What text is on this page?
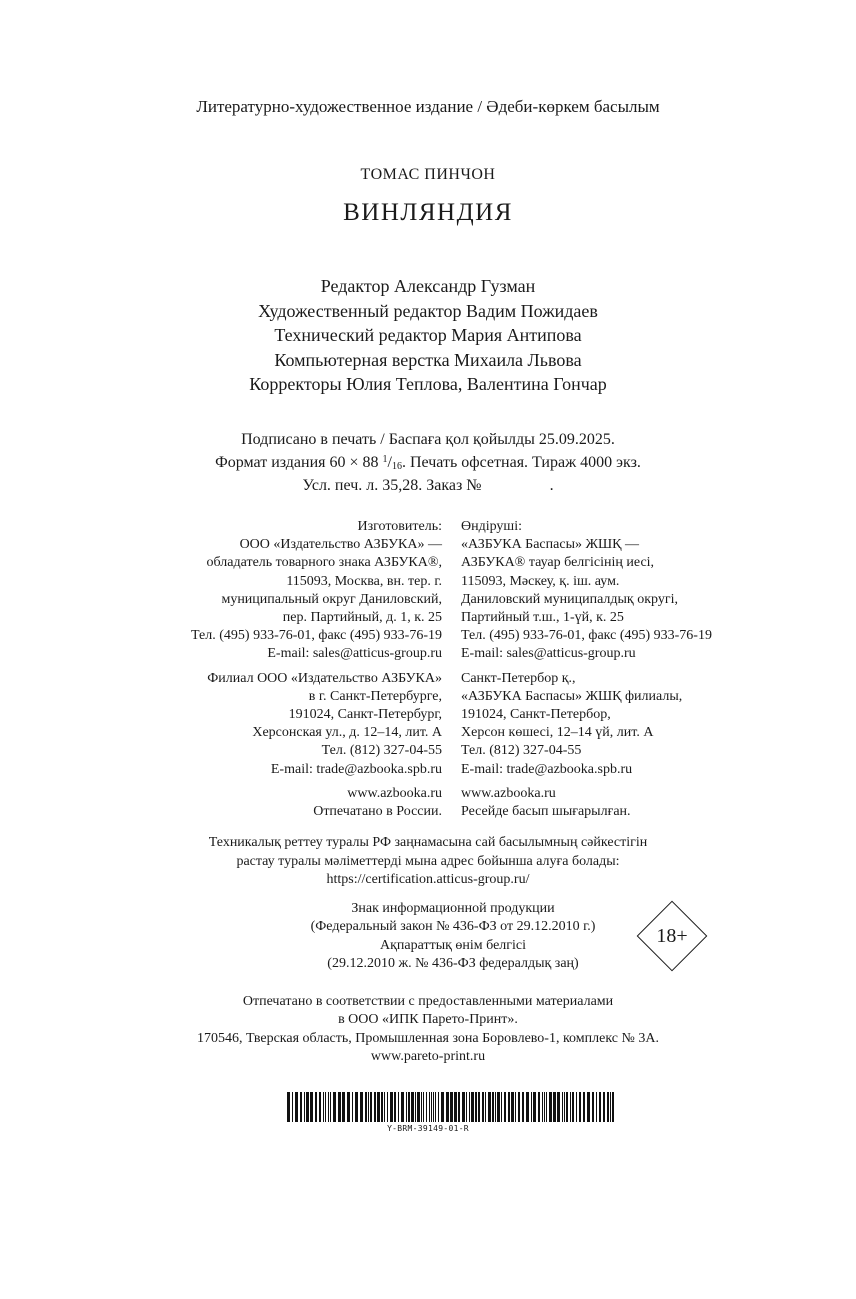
Литературно-художественное издание / Әдеби-көркем басылым
ТОМАС ПИНЧОН
ВИНЛЯНДИЯ
Редактор Александр Гузман
Художественный редактор Вадим Пожидаев
Технический редактор Мария Антипова
Компьютерная верстка Михаила Львова
Корректоры Юлия Теплова, Валентина Гончар
Подписано в печать / Баспаға қол қойылды 25.09.2025.
Формат издания 60 × 88 $^1/_{16}$. Печать офсетная. Тираж 4000 экз.
Усл. печ. л. 35,28. Заказ №	.
Изготовитель:
ООО «Издательство АЗБУКА» —
обладатель товарного знака АЗБУКА®,
115093, Москва, вн. тер. г.
муниципальный округ Даниловский,
пер. Партийный, д. 1, к. 25
Тел. (495) 933-76-01, факс (495) 933-76-19
E-mail: sales@atticus-group.ru
Филиал ООО «Издательство АЗБУКА»
в г. Санкт-Петербурге,
191024, Санкт-Петербург,
Херсонская ул., д. 12–14, лит. А
Тел. (812) 327-04-55
E-mail: trade@azbooka.spb.ru
www.azbooka.ru
Отпечатано в России.
Өндіруші:
«АЗБУКА Баспасы» ЖШҚ —
АЗБУКА® тауар белгісінің иесі,
115093, Мәскеу, қ. іш. аум.
Даниловский муниципалдық округі,
Партийный т.ш., 1-үй, к. 25
Тел. (495) 933-76-01, факс (495) 933-76-19
E-mail: sales@atticus-group.ru
Санкт-Петербор қ.,
«АЗБУКА Баспасы» ЖШҚ филиалы,
191024, Санкт-Петербор,
Херсон көшесі, 12–14 үй, лит. А
Тел. (812) 327-04-55
E-mail: trade@azbooka.spb.ru
www.azbooka.ru
Ресейде басып шығарылған.
Техникалық реттеу туралы РФ заңнамасына сай басылымның сәйкестігін
растау туралы мәліметтерді мына адрес бойынша алуға болады:
https://certification.atticus-group.ru/
Знак информационной продукции
(Федеральный закон № 436-ФЗ от 29.12.2010 г.)
Ақпараттық өнім белгісі
(29.12.2010 ж. № 436-ФЗ федералдық заң)
18+
Отпечатано в соответствии с предоставленными материалами
в ООО «ИПК Парето-Принт».
170546, Тверская область, Промышленная зона Боровлево-1, комплекс № 3А.
www.pareto-print.ru
Y-BRM-39149-01-R
